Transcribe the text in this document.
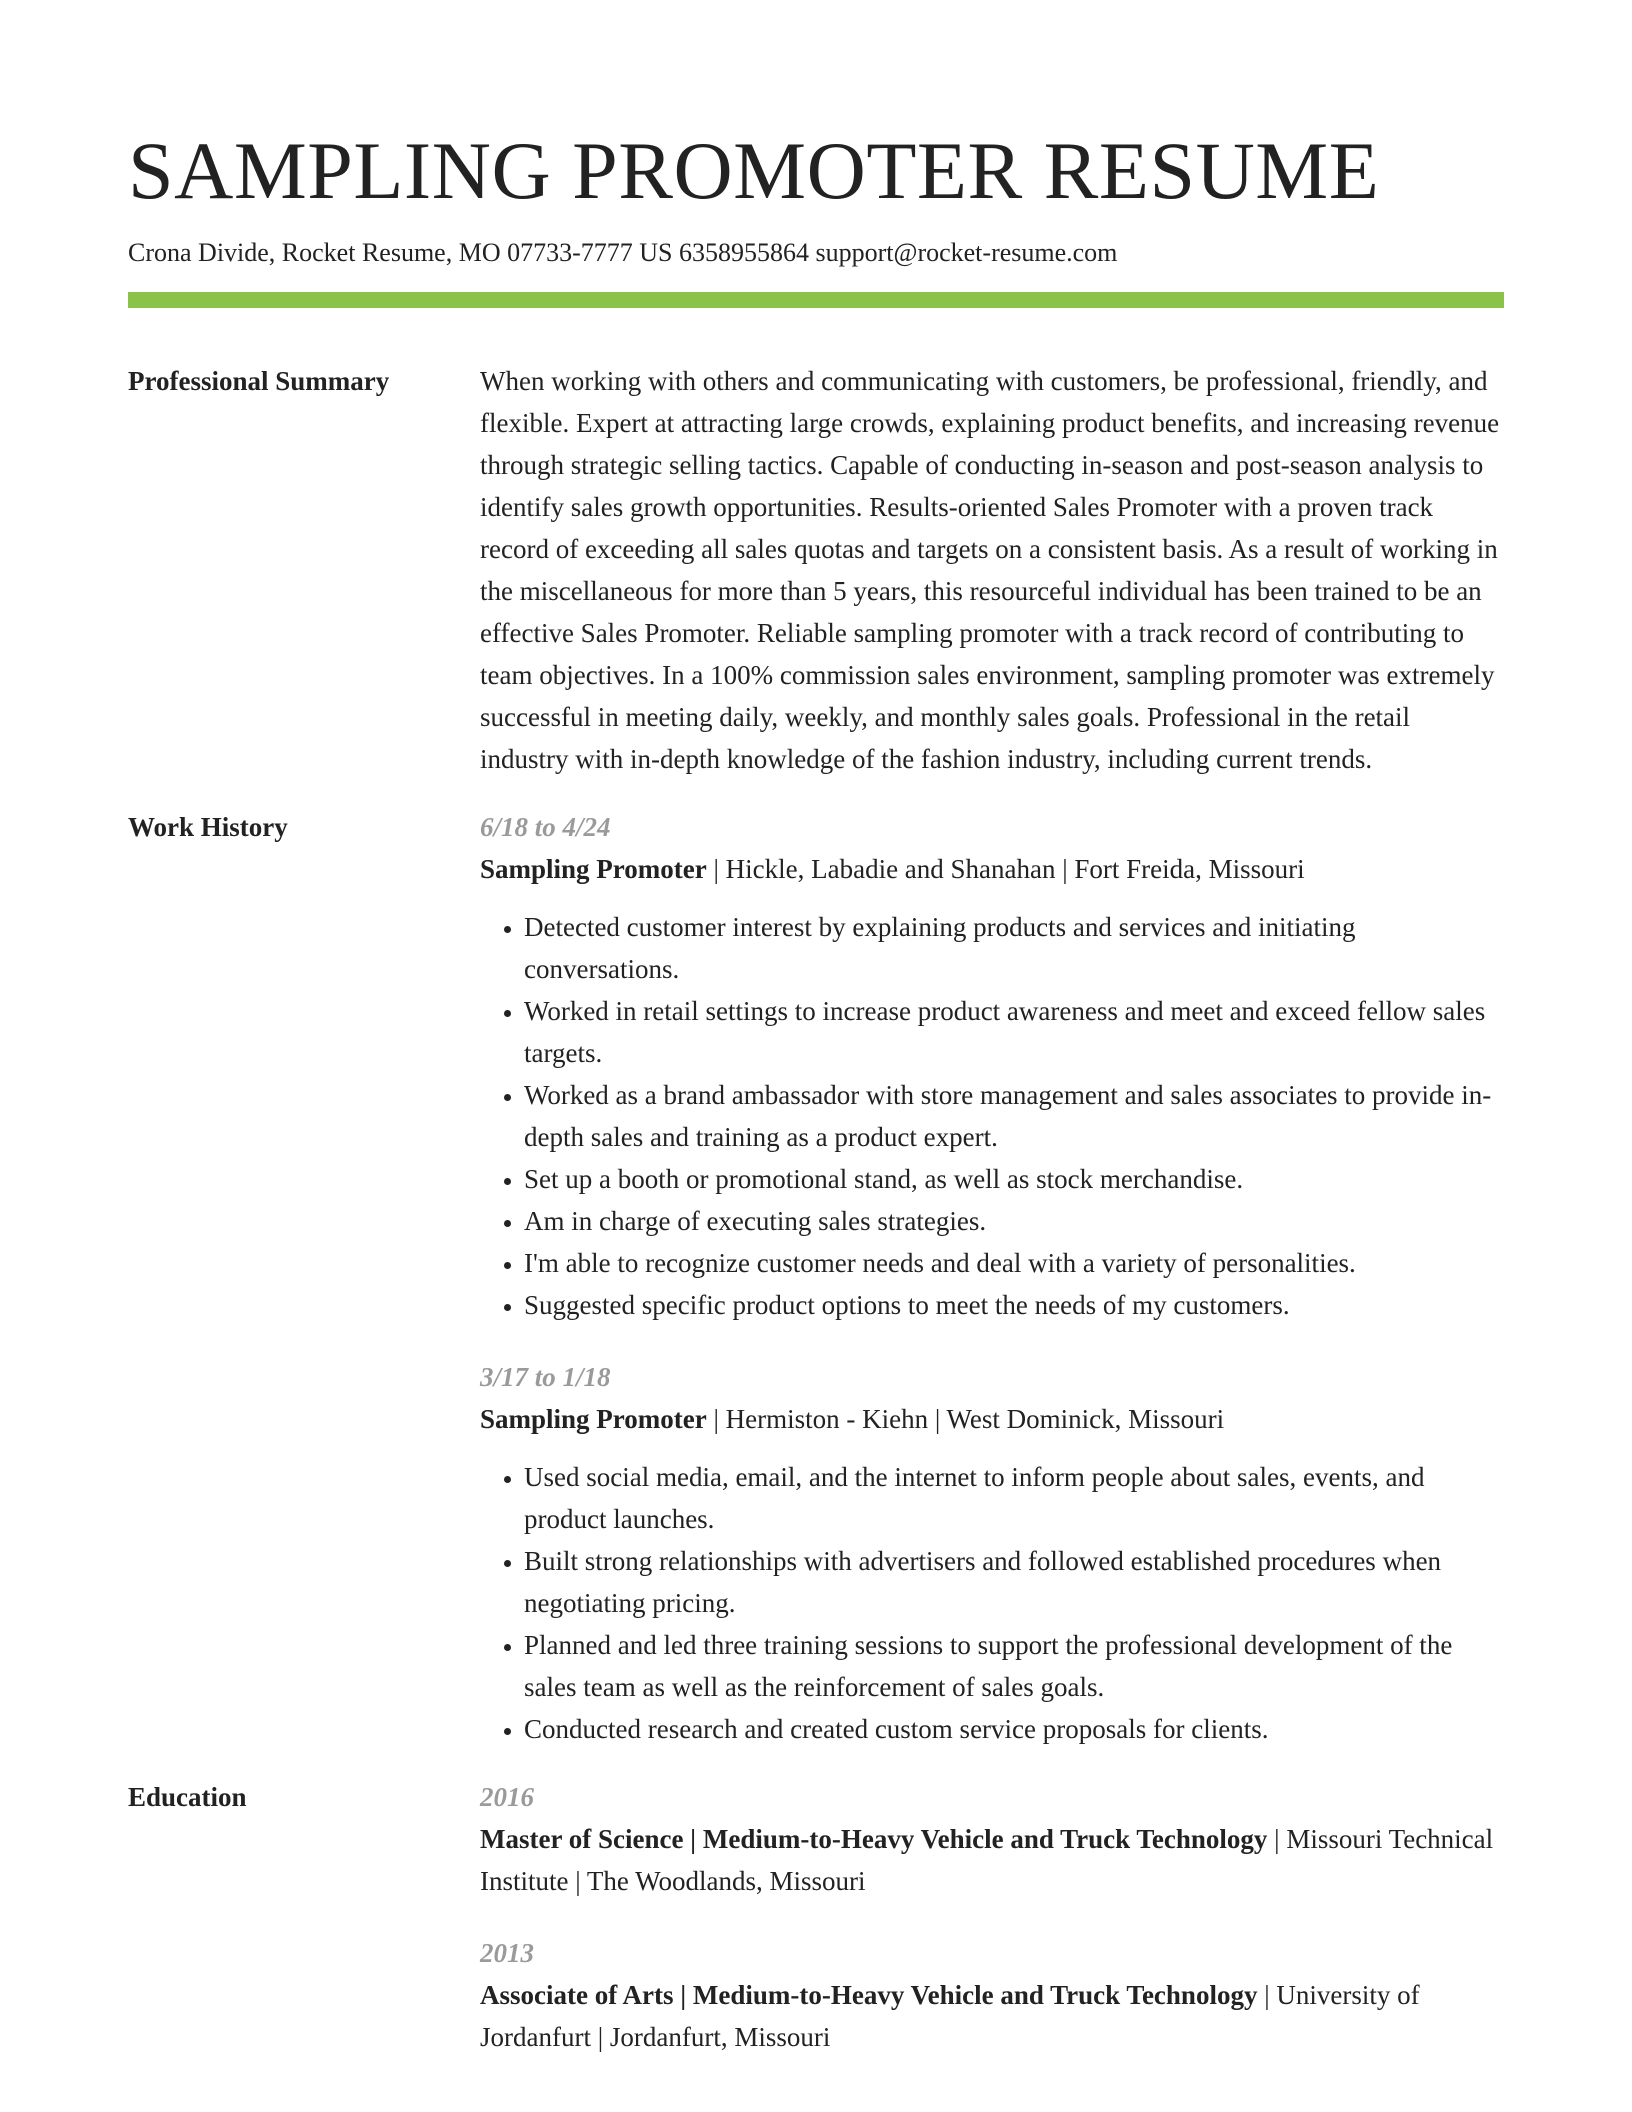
SAMPLING PROMOTER RESUME
Crona Divide, Rocket Resume, MO 07733-7777 US 6358955864 support@rocket-resume.com
Professional Summary	When working with others and communicating with customers, be professional, friendly, and flexible. Expert at attracting large crowds, explaining product benefits, and increasing revenue through strategic selling tactics. Capable of conducting in-season and post-season analysis to identify sales growth opportunities. Results-oriented Sales Promoter with a proven track record of exceeding all sales quotas and targets on a consistent basis. As a result of working in the miscellaneous for more than 5 years, this resourceful individual has been trained to be an effective Sales Promoter. Reliable sampling promoter with a track record of contributing to team objectives. In a 100% commission sales environment, sampling promoter was extremely successful in meeting daily, weekly, and monthly sales goals. Professional in the retail industry with in-depth knowledge of the fashion industry, including current trends.

Work History	6/18 to 4/24
Sampling Promoter | Hickle, Labadie and Shanahan | Fort Freida, Missouri
• Detected customer interest by explaining products and services and initiating conversations.
• Worked in retail settings to increase product awareness and meet and exceed fellow sales targets.
• Worked as a brand ambassador with store management and sales associates to provide in-depth sales and training as a product expert.
• Set up a booth or promotional stand, as well as stock merchandise.
• Am in charge of executing sales strategies.
• I'm able to recognize customer needs and deal with a variety of personalities.
• Suggested specific product options to meet the needs of my customers.
3/17 to 1/18
Sampling Promoter | Hermiston - Kiehn | West Dominick, Missouri
• Used social media, email, and the internet to inform people about sales, events, and product launches.
• Built strong relationships with advertisers and followed established procedures when negotiating pricing.
• Planned and led three training sessions to support the professional development of the sales team as well as the reinforcement of sales goals.
• Conducted research and created custom service proposals for clients.
Education	2016
Master of Science | Medium-to-Heavy Vehicle and Truck Technology | Missouri Technical Institute | The Woodlands, Missouri
2013
Associate of Arts | Medium-to-Heavy Vehicle and Truck Technology | University of Jordanfurt | Jordanfurt, Missouri
